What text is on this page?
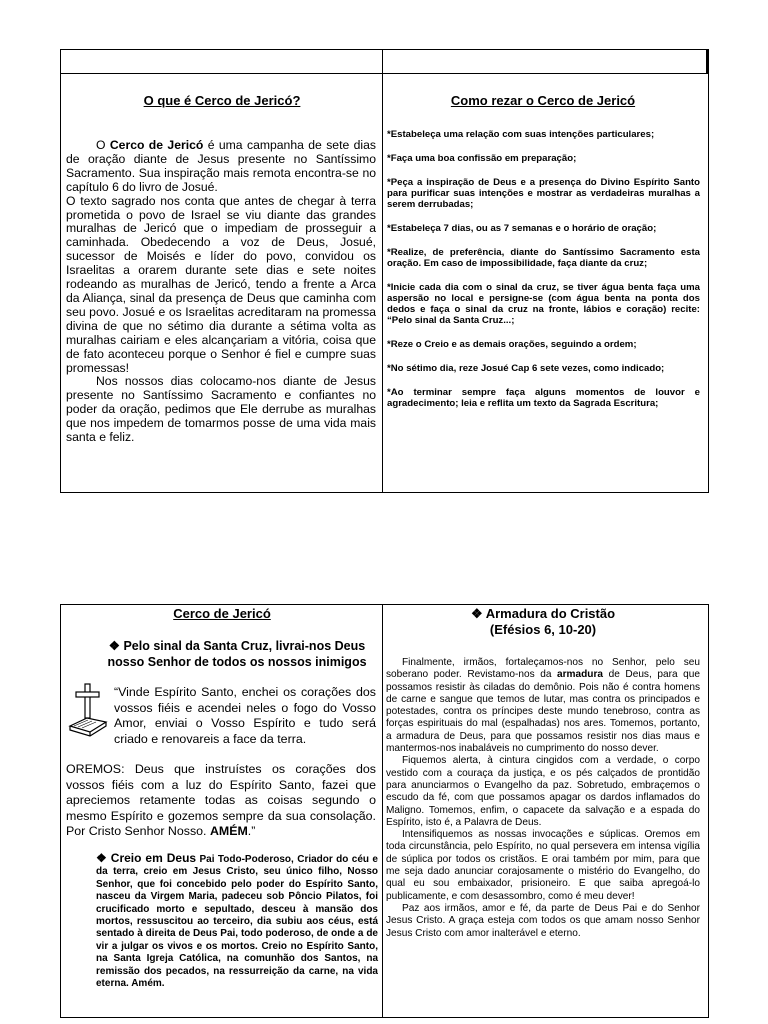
O que é Cerco de Jericó?

O Cerco de Jericó é uma campanha de sete dias de oração diante de Jesus presente no Santíssimo Sacramento. Sua inspiração mais remota encontra-se no capítulo 6 do livro de Josué.

O texto sagrado nos conta que antes de chegar à terra prometida o povo de Israel se viu diante das grandes muralhas de Jericó que o impediam de prosseguir a caminhada. Obedecendo a voz de Deus, Josué, sucessor de Moisés e líder do povo, convidou os Israelitas a orarem durante sete dias e sete noites rodeando as muralhas de Jericó, tendo a frente a Arca da Aliança, sinal da presença de Deus que caminha com seu povo. Josué e os Israelitas acreditaram na promessa divina de que no sétimo dia durante a sétima volta as muralhas cairiam e eles alcançariam a vitória, coisa que de fato aconteceu porque o Senhor é fiel e cumpre suas promessas!

Nos nossos dias colocamo-nos diante de Jesus presente no Santíssimo Sacramento e confiantes no poder da oração, pedimos que Ele derrube as muralhas que nos impedem de tomarmos posse de uma vida mais santa e feliz.

Como rezar o Cerco de Jericó

*Estabeleça uma relação com suas intenções particulares;

*Faça uma boa confissão em preparação;

*Peça a inspiração de Deus e a presença do Divino Espírito Santo para purificar suas intenções e mostrar as verdadeiras muralhas a serem derrubadas;

*Estabeleça 7 dias, ou as 7 semanas e o horário de oração;

*Realize, de preferência, diante do Santíssimo Sacramento esta oração. Em caso de impossibilidade, faça diante da cruz;

*Inicie cada dia com o sinal da cruz, se tiver água benta faça uma aspersão no local e persigne-se (com água benta na ponta dos dedos e faça o sinal da cruz na fronte, lábios e coração) recite: “Pelo sinal da Santa Cruz...;

*Reze o Creio e as demais orações, seguindo a ordem;

*No sétimo dia, reze Josué Cap 6 sete vezes, como indicado;

*Ao terminar sempre faça alguns momentos de louvor e agradecimento; leia e reflita um texto da Sagrada Escritura;

Cerco de Jericó
❖ Pelo sinal da Santa Cruz, livrai-nos Deus
nosso Senhor de todos os nossos inimigos
“Vinde Espírito Santo, enchei os corações dos vossos fiéis e acendei neles o fogo do Vosso Amor, enviai o Vosso Espírito e tudo será criado e renovareis a face da terra.
OREMOS: Deus que instruístes os corações dos vossos fiéis com a luz do Espírito Santo, fazei que apreciemos retamente todas as coisas segundo o mesmo Espírito e gozemos sempre da sua consolação. Por Cristo Senhor Nosso. AMÉM.”
❖ Creio em Deus Pai Todo-Poderoso, Criador do céu e da terra, creio em Jesus Cristo, seu único filho, Nosso Senhor, que foi concebido pelo poder do Espírito Santo, nasceu da Virgem Maria, padeceu sob Pôncio Pilatos, foi crucificado morto e sepultado, desceu à mansão dos mortos, ressuscitou ao terceiro, dia subiu aos céus, está sentado à direita de Deus Pai, todo poderoso, de onde a de vir a julgar os vivos e os mortos. Creio no Espírito Santo, na Santa Igreja Católica, na comunhão dos Santos, na remissão dos pecados, na ressurreição da carne, na vida eterna. Amém.
❖ Armadura do Cristão
(Efésios 6, 10-20)

Finalmente, irmãos, fortaleçamos-nos no Senhor, pelo seu soberano poder. Revistamo-nos da armadura de Deus, para que possamos resistir às ciladas do demônio. Pois não é contra homens de carne e sangue que temos de lutar, mas contra os principados e potestades, contra os príncipes deste mundo tenebroso, contra as forças espirituais do mal (espalhadas) nos ares. Tomemos, portanto, a armadura de Deus, para que possamos resistir nos dias maus e mantermos-nos inabaláveis no cumprimento do nosso dever.

Fiquemos alerta, à cintura cingidos com a verdade, o corpo vestido com a couraça da justiça, e os pés calçados de prontidão para anunciarmos o Evangelho da paz. Sobretudo, embraçemos o escudo da fé, com que possamos apagar os dardos inflamados do Maligno. Tomemos, enfim, o capacete da salvação e a espada do Espírito, isto é, a Palavra de Deus.

Intensifiquemos as nossas invocações e súplicas. Oremos em toda circunstância, pelo Espírito, no qual persevera em intensa vigília de súplica por todos os cristãos. E orai também por mim, para que me seja dado anunciar corajosamente o mistério do Evangelho, do qual eu sou embaixador, prisioneiro. E que saiba apregoá-lo publicamente, e com desassombro, como é meu dever!

Paz aos irmãos, amor e fé, da parte de Deus Pai e do Senhor Jesus Cristo. A graça esteja com todos os que amam nosso Senhor Jesus Cristo com amor inalterável e eterno.
